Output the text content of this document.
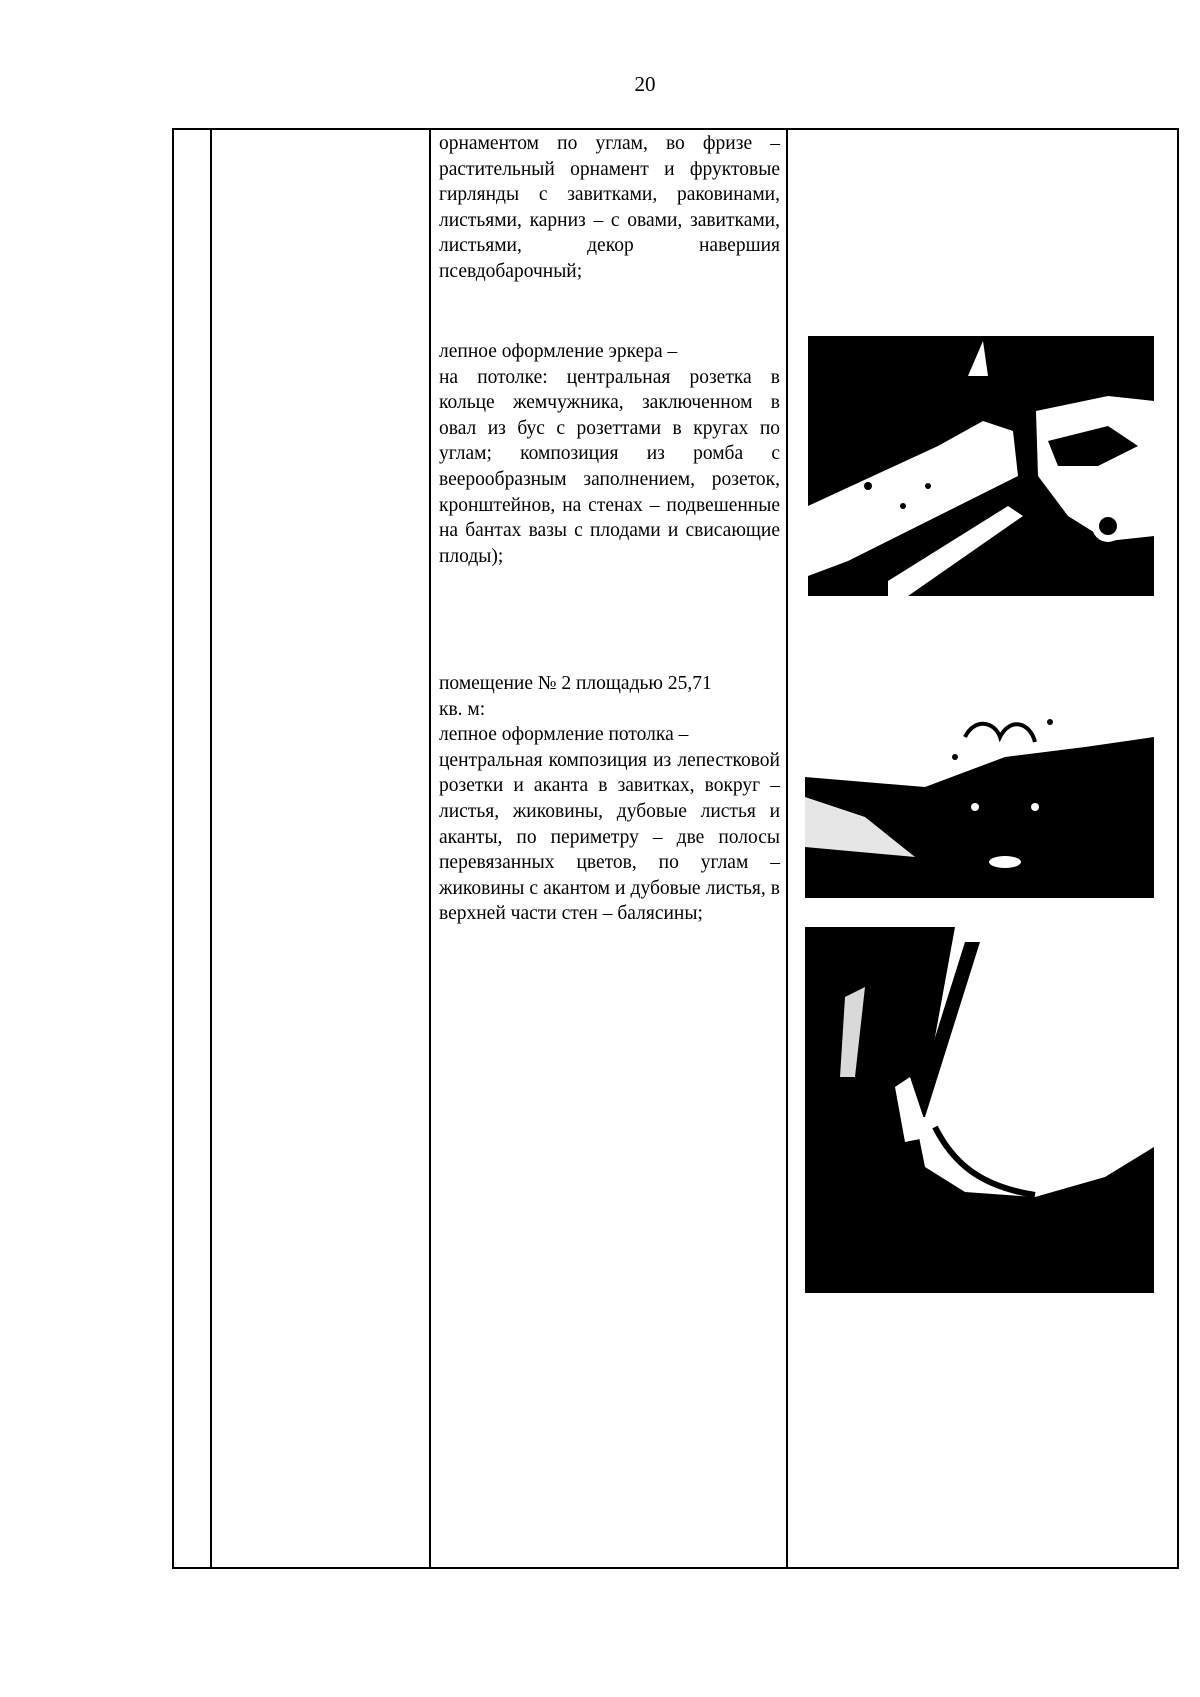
20
орнаментом по углам, во фризе – растительный орнамент и фруктовые гирлянды с завитками, раковинами, листьями, карниз – с овами, завитками, листьями, декор навершия псевдобарочный;
лепное оформление эркера –
на потолке: центральная розетка в кольце жемчужника, заключенном в овал из бус с розеттами в кругах по углам; композиция из ромба с веерообразным заполнением, розеток, кронштейнов, на стенах – подвешенные на бантах вазы с плодами и свисающие плоды);
помещение № 2 площадью 25,71
кв. м:
лепное оформление потолка –
центральная композиция из лепестковой розетки и аканта в завитках, вокруг – листья, жиковины, дубовые листья и аканты, по периметру – две полосы перевязанных цветов, по углам – жиковины с акантом и дубовые листья, в верхней части стен – балясины;
